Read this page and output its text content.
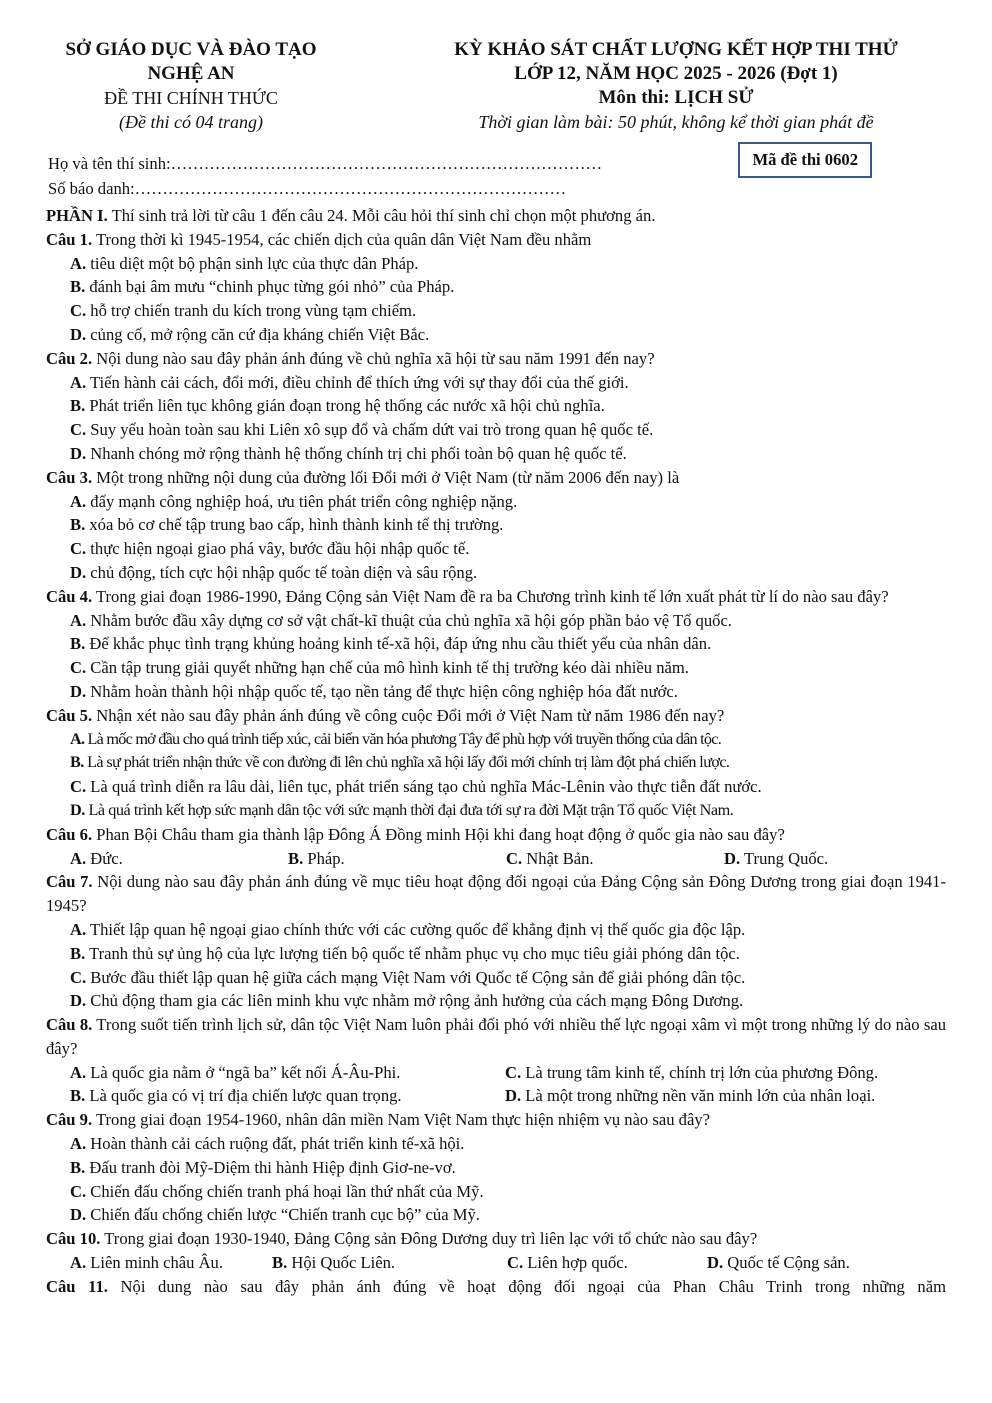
SỞ GIÁO DỤC VÀ ĐÀO TẠO
NGHỆ AN
ĐỀ THI CHÍNH THỨC
(Đề thi có 04 trang)
KỲ KHẢO SÁT CHẤT LƯỢNG KẾT HỢP THI THỬ
LỚP 12, NĂM HỌC 2025 - 2026 (Đợt 1)
Môn thi: LỊCH SỬ
Thời gian làm bài: 50 phút, không kể thời gian phát đề
Họ và tên thí sinh:……………………………………………………………………
Số báo danh:……………………………………………………………………
Mã đề thi 0602
PHẦN I. Thí sinh trả lời từ câu 1 đến câu 24. Mỗi câu hỏi thí sinh chỉ chọn một phương án.
Câu 1. Trong thời kì 1945-1954, các chiến dịch của quân dân Việt Nam đều nhằm
A. tiêu diệt một bộ phận sinh lực của thực dân Pháp.
B. đánh bại âm mưu “chinh phục từng gói nhỏ” của Pháp.
C. hỗ trợ chiến tranh du kích trong vùng tạm chiếm.
D. củng cố, mở rộng căn cứ địa kháng chiến Việt Bắc.
Câu 2. Nội dung nào sau đây phản ánh đúng về chủ nghĩa xã hội từ sau năm 1991 đến nay?
A. Tiến hành cải cách, đổi mới, điều chỉnh để thích ứng với sự thay đổi của thế giới.
B. Phát triển liên tục không gián đoạn trong hệ thống các nước xã hội chủ nghĩa.
C. Suy yếu hoàn toàn sau khi Liên xô sụp đổ và chấm dứt vai trò trong quan hệ quốc tế.
D. Nhanh chóng mở rộng thành hệ thống chính trị chi phối toàn bộ quan hệ quốc tế.
Câu 3. Một trong những nội dung của đường lối Đổi mới ở Việt Nam (từ năm 2006 đến nay) là
A. đẩy mạnh công nghiệp hoá, ưu tiên phát triển công nghiệp nặng.
B. xóa bỏ cơ chế tập trung bao cấp, hình thành kinh tế thị trường.
C. thực hiện ngoại giao phá vây, bước đầu hội nhập quốc tế.
D. chủ động, tích cực hội nhập quốc tế toàn diện và sâu rộng.
Câu 4. Trong giai đoạn 1986-1990, Đảng Cộng sản Việt Nam đề ra ba Chương trình kinh tế lớn xuất phát từ lí do nào sau đây?
A. Nhằm bước đầu xây dựng cơ sở vật chất-kĩ thuật của chủ nghĩa xã hội góp phần bảo vệ Tổ quốc.
B. Để khắc phục tình trạng khủng hoảng kinh tế-xã hội, đáp ứng nhu cầu thiết yếu của nhân dân.
C. Cần tập trung giải quyết những hạn chế của mô hình kinh tế thị trường kéo dài nhiều năm.
D. Nhằm hoàn thành hội nhập quốc tế, tạo nền tảng để thực hiện công nghiệp hóa đất nước.
Câu 5. Nhận xét nào sau đây phản ánh đúng về công cuộc Đổi mới ở Việt Nam từ năm 1986 đến nay?
A. Là mốc mở đầu cho quá trình tiếp xúc, cải biến văn hóa phương Tây để phù hợp với truyền thống của dân tộc.
B. Là sự phát triển nhận thức về con đường đi lên chủ nghĩa xã hội lấy đổi mới chính trị làm đột phá chiến lược.
C. Là quá trình diễn ra lâu dài, liên tục, phát triển sáng tạo chủ nghĩa Mác-Lênin vào thực tiễn đất nước.
D. Là quá trình kết hợp sức mạnh dân tộc với sức mạnh thời đại đưa tới sự ra đời Mặt trận Tổ quốc Việt Nam.
Câu 6. Phan Bội Châu tham gia thành lập Đông Á Đồng minh Hội khi đang hoạt động ở quốc gia nào sau đây?
A. Đức.	B. Pháp.	C. Nhật Bản.	D. Trung Quốc.
Câu 7. Nội dung nào sau đây phản ánh đúng về mục tiêu hoạt động đối ngoại của Đảng Cộng sản Đông Dương trong giai đoạn 1941-1945?
A. Thiết lập quan hệ ngoại giao chính thức với các cường quốc để khẳng định vị thế quốc gia độc lập.
B. Tranh thủ sự ủng hộ của lực lượng tiến bộ quốc tế nhằm phục vụ cho mục tiêu giải phóng dân tộc.
C. Bước đầu thiết lập quan hệ giữa cách mạng Việt Nam với Quốc tế Cộng sản để giải phóng dân tộc.
D. Chủ động tham gia các liên minh khu vực nhằm mở rộng ảnh hưởng của cách mạng Đông Dương.
Câu 8. Trong suốt tiến trình lịch sử, dân tộc Việt Nam luôn phải đối phó với nhiều thế lực ngoại xâm vì một trong những lý do nào sau đây?
A. Là quốc gia nằm ở “ngã ba” kết nối Á-Âu-Phi.	C. Là trung tâm kinh tế, chính trị lớn của phương Đông.
B. Là quốc gia có vị trí địa chiến lược quan trọng.	D. Là một trong những nền văn minh lớn của nhân loại.
Câu 9. Trong giai đoạn 1954-1960, nhân dân miền Nam Việt Nam thực hiện nhiệm vụ nào sau đây?
A. Hoàn thành cải cách ruộng đất, phát triển kinh tế-xã hội.
B. Đấu tranh đòi Mỹ-Diệm thi hành Hiệp định Giơ-ne-vơ.
C. Chiến đấu chống chiến tranh phá hoại lần thứ nhất của Mỹ.
D. Chiến đấu chống chiến lược “Chiến tranh cục bộ” của Mỹ.
Câu 10. Trong giai đoạn 1930-1940, Đảng Cộng sản Đông Dương duy trì liên lạc với tổ chức nào sau đây?
A. Liên minh châu Âu.	B. Hội Quốc Liên.	C. Liên hợp quốc.	D. Quốc tế Cộng sản.
Câu 11. Nội dung nào sau đây phản ánh đúng về hoạt động đối ngoại của Phan Châu Trinh trong những năm
